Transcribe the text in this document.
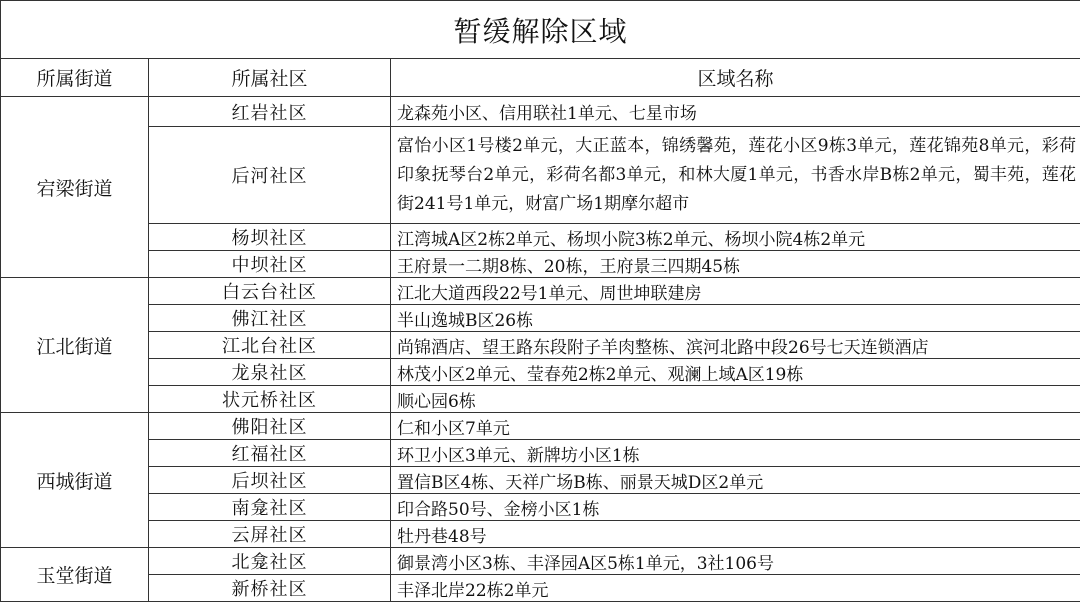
暂缓解除区域		
所属街道	所属社区	区域名称
宕梁街道	红岩社区	龙森苑小区、信用联社1单元、七星市场
	后河社区	富怡小区1号楼2单元，大正蓝本，锦绣馨苑，莲花小区9栋3单元，莲花锦苑8单元，彩荷印象抚琴台2单元，彩荷名都3单元，和林大厦1单元，书香水岸B栋2单元，蜀丰苑，莲花街241号1单元，财富广场1期摩尔超市
	杨坝社区	江湾城A区2栋2单元、杨坝小院3栋2单元、杨坝小院4栋2单元
	中坝社区	王府景一二期8栋、20栋，王府景三四期45栋
江北街道	白云台社区	江北大道西段22号1单元、周世坤联建房
	佛江社区	半山逸城B区26栋
	江北台社区	尚锦酒店、望王路东段附子羊肉整栋、滨河北路中段26号七天连锁酒店
	龙泉社区	林茂小区2单元、莹春苑2栋2单元、观澜上域A区19栋
	状元桥社区	顺心园6栋
西城街道	佛阳社区	仁和小区7单元
	红福社区	环卫小区3单元、新牌坊小区1栋
	后坝社区	置信B区4栋、天祥广场B栋、丽景天城D区2单元
	南龛社区	印合路50号、金榜小区1栋
	云屏社区	牡丹巷48号
玉堂街道	北龛社区	御景湾小区3栋、丰泽园A区5栋1单元，3社106号
	新桥社区	丰泽北岸22栋2单元
